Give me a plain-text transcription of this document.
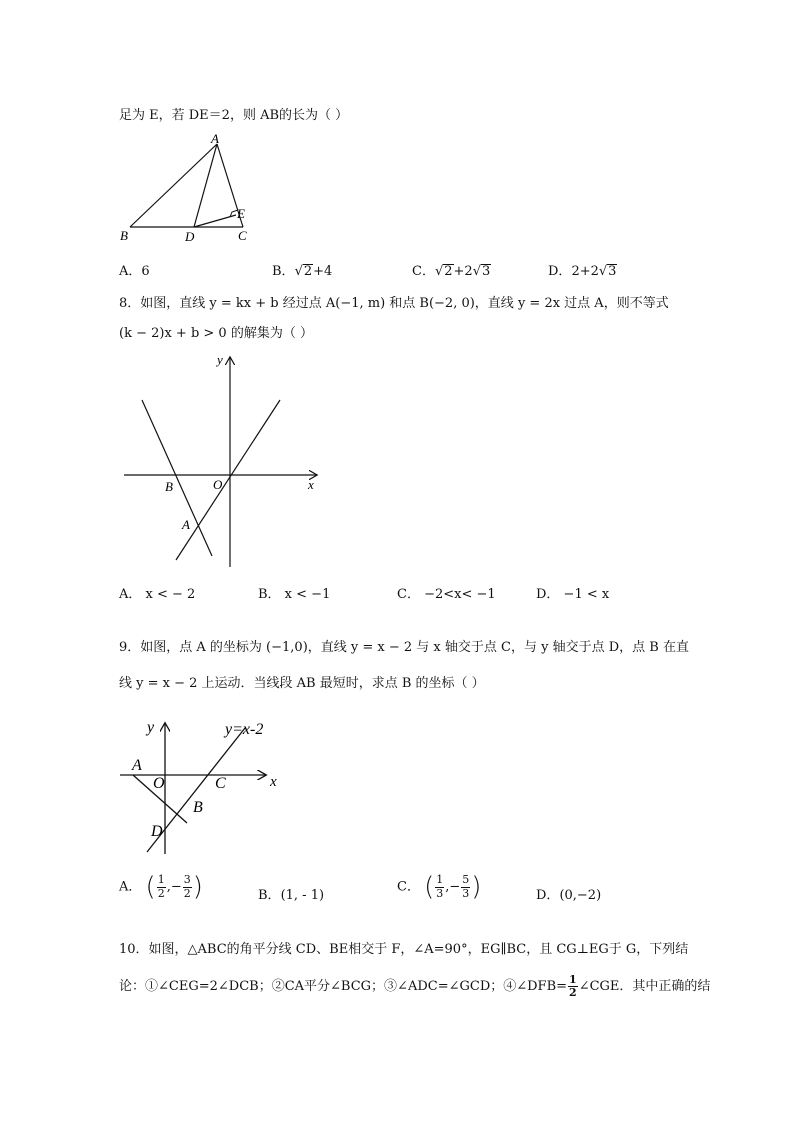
足为 E，若 DE＝2，则 AB的长为（ ）
A
B	D	C
E
A．6	B．√2+4	C．√2+2√3	D．2+2√3
8．如图，直线 y = kx + b 经过点 A(−1, m) 和点 B(−2, 0)，直线 y = 2x 过点 A，则不等式
(k − 2)x + b > 0 的解集为（ ）
y
x
O
B
A
A． x < − 2	B． x < −1	C． −2<x< −1	D． −1 < x
9．如图，点 A 的坐标为 (−1,0)，直线 y = x − 2 与 x 轴交于点 C，与 y 轴交于点 D，点 B 在直
线 y = x − 2 上运动．当线段 AB 最短时，求点 B 的坐标（ ）
y	y=x-2
x
A
O	C
B
D
A． ( $\frac{1}{2}$ ,− $\frac{3}{2}$ )	B．(1, - 1)
C． ( $\frac{1}{3}$ ,− $\frac{5}{3}$ )	D．(0,−2)
10．如图，△ABC的角平分线 CD、BE相交于 F，∠A=90°，EG∥BC，且 CG⊥EG于 G，下列结
论：①∠CEG=2∠DCB；②CA平分∠BCG；③∠ADC=∠GCD；④∠DFB= $\frac{1}{2}$ ∠CGE．其中正确的结
